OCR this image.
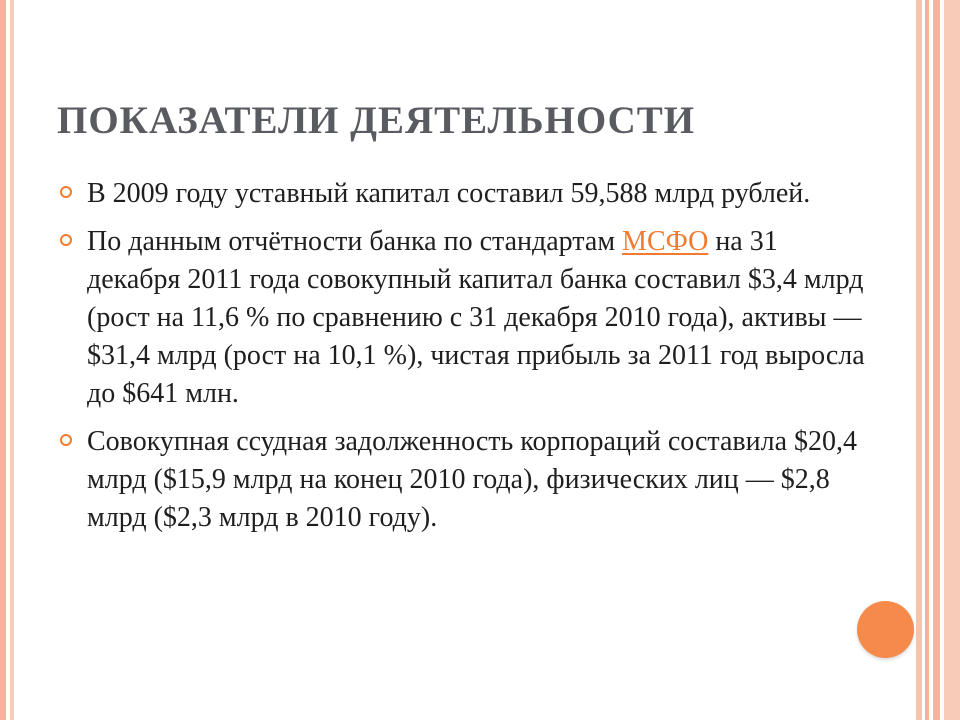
ПОКАЗАТЕЛИ ДЕЯТЕЛЬНОСТИ
В 2009 году уставный капитал составил 59,588 млрд рублей.
По данным отчётности банка по стандартам МСФО на 31 декабря 2011 года совокупный капитал банка составил $3,4 млрд (рост на 11,6 % по сравнению с 31 декабря 2010 года), активы — $31,4 млрд (рост на 10,1 %), чистая прибыль за 2011 год выросла до $641 млн.
Совокупная ссудная задолженность корпораций составила $20,4 млрд ($15,9 млрд на конец 2010 года), физических лиц — $2,8 млрд ($2,3 млрд в 2010 году).
